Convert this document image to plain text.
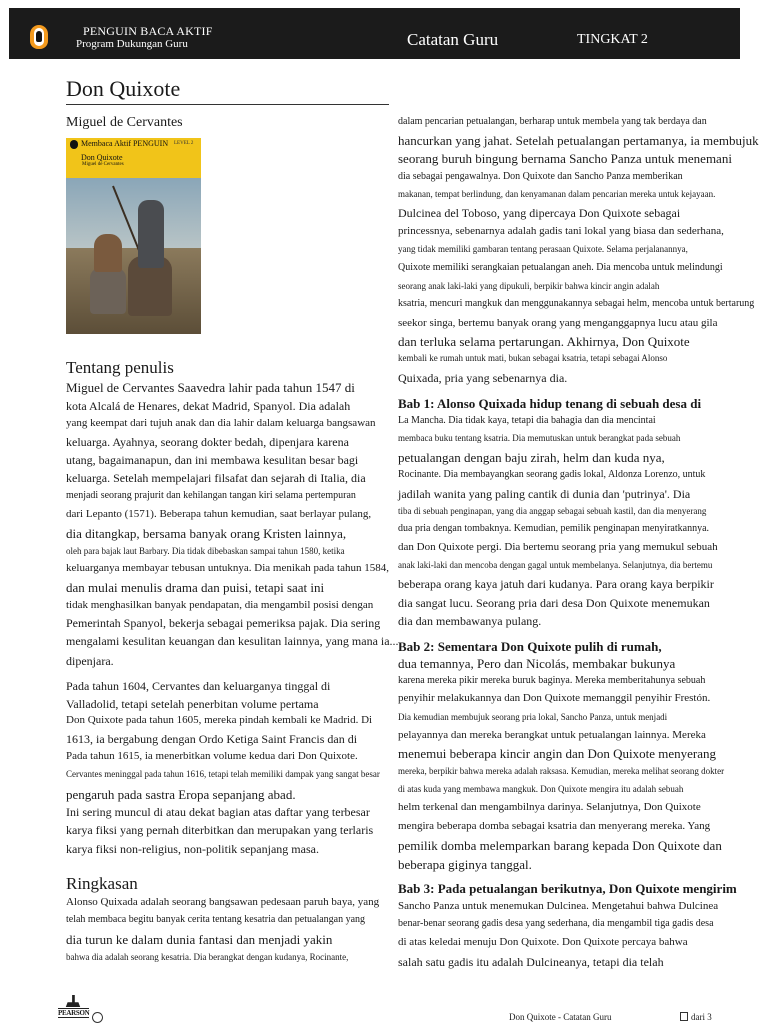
PENGUIN BACA AKTIF
Program Dukungan Guru	Catatan Guru	TINGKAT 2
Don Quixote
Miguel de Cervantes
Membaca Aktif PENGUIN LEVEL 2
Don Quixote
Miguel de Cervantes
Tentang penulis
Miguel de Cervantes Saavedra lahir pada tahun 1547 di
kota Alcalá de Henares, dekat Madrid, Spanyol. Dia adalah
yang keempat dari tujuh anak dan dia lahir dalam keluarga bangsawan
keluarga. Ayahnya, seorang dokter bedah, dipenjara karena
utang, bagaimanapun, dan ini membawa kesulitan besar bagi
keluarga. Setelah mempelajari filsafat dan sejarah di Italia, dia
menjadi seorang prajurit dan kehilangan tangan kiri selama pertempuran
dari Lepanto (1571). Beberapa tahun kemudian, saat berlayar pulang,
dia ditangkap, bersama banyak orang Kristen lainnya,
oleh para bajak laut Barbary. Dia tidak dibebaskan sampai tahun 1580, ketika
keluarganya membayar tebusan untuknya. Dia menikah pada tahun 1584,
dan mulai menulis drama dan puisi, tetapi saat ini
tidak menghasilkan banyak pendapatan, dia mengambil posisi dengan
Pemerintah Spanyol, bekerja sebagai pemeriksa pajak. Dia sering
mengalami kesulitan keuangan dan kesulitan lainnya, yang mana ia...
dipenjara.
Pada tahun 1604, Cervantes dan keluarganya tinggal di
Valladolid, tetapi setelah penerbitan volume pertama
Don Quixote pada tahun 1605, mereka pindah kembali ke Madrid. Di
1613, ia bergabung dengan Ordo Ketiga Saint Francis dan di
Pada tahun 1615, ia menerbitkan volume kedua dari Don Quixote.
Cervantes meninggal pada tahun 1616, tetapi telah memiliki dampak yang sangat besar
pengaruh pada sastra Eropa sepanjang abad.
Ini sering muncul di atau dekat bagian atas daftar yang terbesar
karya fiksi yang pernah diterbitkan dan merupakan yang terlaris
karya fiksi non-religius, non-politik sepanjang masa.
Ringkasan
Alonso Quixada adalah seorang bangsawan pedesaan paruh baya, yang
telah membaca begitu banyak cerita tentang kesatria dan petualangan yang
dia turun ke dalam dunia fantasi dan menjadi yakin
bahwa dia adalah seorang kesatria. Dia berangkat dengan kudanya, Rocinante,
dalam pencarian petualangan, berharap untuk membela yang tak berdaya dan
hancurkan yang jahat. Setelah petualangan pertamanya, ia membujuk
seorang buruh bingung bernama Sancho Panza untuk menemani
dia sebagai pengawalnya. Don Quixote dan Sancho Panza memberikan
makanan, tempat berlindung, dan kenyamanan dalam pencarian mereka untuk kejayaan.
Dulcinea del Toboso, yang dipercaya Don Quixote sebagai
princessnya, sebenarnya adalah gadis tani lokal yang biasa dan sederhana,
yang tidak memiliki gambaran tentang perasaan Quixote. Selama perjalanannya,
Quixote memiliki serangkaian petualangan aneh. Dia mencoba untuk melindungi
seorang anak laki-laki yang dipukuli, berpikir bahwa kincir angin adalah
ksatria, mencuri mangkuk dan menggunakannya sebagai helm, mencoba untuk bertarung
seekor singa, bertemu banyak orang yang menganggapnya lucu atau gila
dan terluka selama pertarungan. Akhirnya, Don Quixote
kembali ke rumah untuk mati, bukan sebagai ksatria, tetapi sebagai Alonso
Quixada, pria yang sebenarnya dia.
Bab 1: Alonso Quixada hidup tenang di sebuah desa di
La Mancha. Dia tidak kaya, tetapi dia bahagia dan dia mencintai
membaca buku tentang ksatria. Dia memutuskan untuk berangkat pada sebuah
petualangan dengan baju zirah, helm dan kuda nya,
Rocinante. Dia membayangkan seorang gadis lokal, Aldonza Lorenzo, untuk
jadilah wanita yang paling cantik di dunia dan 'putrinya'. Dia
tiba di sebuah penginapan, yang dia anggap sebagai sebuah kastil, dan dia menyerang
dua pria dengan tombaknya. Kemudian, pemilik penginapan menyiratkannya.
dan Don Quixote pergi. Dia bertemu seorang pria yang memukul sebuah
anak laki-laki dan mencoba dengan gagal untuk membelanya. Selanjutnya, dia bertemu
beberapa orang kaya jatuh dari kudanya. Para orang kaya berpikir
dia sangat lucu. Seorang pria dari desa Don Quixote menemukan
dia dan membawanya pulang.
Bab 2: Sementara Don Quixote pulih di rumah,
dua temannya, Pero dan Nicolás, membakar bukunya
karena mereka pikir mereka buruk baginya. Mereka memberitahunya sebuah
penyihir melakukannya dan Don Quixote memanggil penyihir Frestón.
Dia kemudian membujuk seorang pria lokal, Sancho Panza, untuk menjadi
pelayannya dan mereka berangkat untuk petualangan lainnya. Mereka
menemui beberapa kincir angin dan Don Quixote menyerang
mereka, berpikir bahwa mereka adalah raksasa. Kemudian, mereka melihat seorang dokter
di atas kuda yang membawa mangkuk. Don Quixote mengira itu adalah sebuah
helm terkenal dan mengambilnya darinya. Selanjutnya, Don Quixote
mengira beberapa domba sebagai ksatria dan menyerang mereka. Yang
pemilik domba melemparkan barang kepada Don Quixote dan
beberapa giginya tanggal.
Bab 3: Pada petualangan berikutnya, Don Quixote mengirim
Sancho Panza untuk menemukan Dulcinea. Mengetahui bahwa Dulcinea
benar-benar seorang gadis desa yang sederhana, dia mengambil tiga gadis desa
di atas keledai menuju Don Quixote. Don Quixote percaya bahwa
salah satu gadis itu adalah Dulcineanya, tetapi dia telah
PEARSON	Don Quixote - Catatan Guru	dari 3
